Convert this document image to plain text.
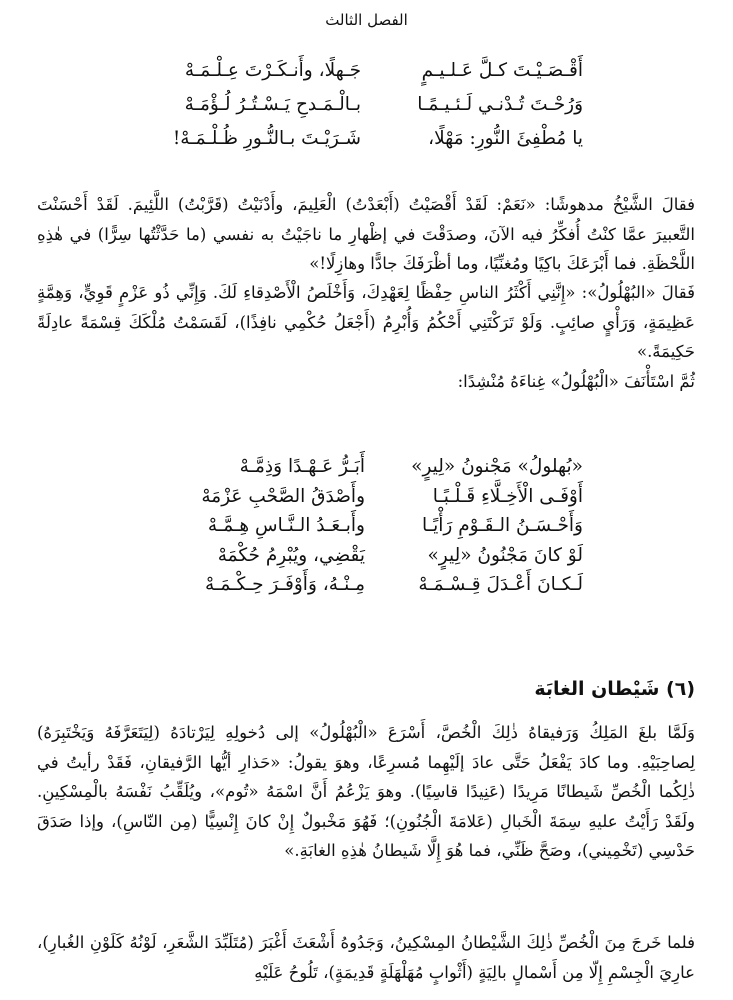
الفصل الثالث
أَقْـصَـيْـتَ كـلَّ عَـلـيـمٍ
جَـهلًا، وأَنـكَـرْتَ عِـلْـمَـهْ
وَرُحْـتَ تُـدْنـي لَـئـيـمًـا
بـالْـمَـدحِ يَـسْـتُـرُ لُـؤْمَـهْ
يا مُطْفِئَ النُّورِ: مَهْلًا،
شَـرَيْـتَ بـالنُّـورِ ظُـلْـمَـهْ!

فقالَ الشَّيْخُ مدهوشًا: «نَعَمْ: لَقَدْ أَقْصَيْتُ (أَبْعَدْتُ) الْعَلِيمَ، وأَدْنَيْتُ (قَرَّبْتُ) اللَّئِيمَ. لَقَدْ أَحْسَنْتَ التَّعبيرَ عمَّا كنْتُ أُفكِّرُ فيه الآنَ، وصدَقْتَ في إظْهارِ ما ناجَيْتُ به نفسي (ما حَدَّثْتُها سِرًّا) في هٰذِهِ اللَّحْظَةِ. فما أَبْرَعَكَ باكِيًا ومُغنِّيًا، وما أظْرَفَكَ جادًّا وهازِلًا!»

فَقالَ «البُهْلُولُ»: «إِنَّنِي أَكْثَرُ الناسِ حِفْظًا لِعَهْدِكَ، وَأَخْلَصُ الْأَصْدِقاءِ لَكَ. وَإِنِّي ذُو عَزْمٍ قَوِيٍّ، وَهِمَّةٍ عَظِيمَةٍ، وَرَأْيٍ صائِبٍ. وَلَوْ تَرَكْتَنِي أَحْكُمُ وَأُبْرِمُ (أَجْعَلُ حُكْمِي نافِذًا)، لَقَسَمْتُ مُلْكَكَ قِسْمَةً عادِلَةً حَكِيمَةً.»

ثُمَّ اسْتَأْنَفَ «الْبُهْلُولُ» غِناءَهُ مُنْشِدًا:

«بُهلولُ» مَجْنونُ «لِيرٍ»
أَبَـرُّ عَـهْـدًا وَذِمَّـهْ
أَوْفَـى الْأَخِـلَّاءِ قَـلْـبًـا
وأَصْدَقُ الصَّحْبِ عَزْمَهْ
وَأَحْـسَـنُ الـقَـوْمِ رَأْيًـا
وأَبـعَـدُ الـنَّـاسِ هِـمَّـهْ
لَوْ كانَ مَجْنُونُ «لِيرٍ»
يَقْضِي، ويُبْرِمُ حُكْمَهْ
لَـكـانَ أَعْـدَلَ قِـسْـمَـهْ
مِـنْـهُ، وَأَوْفَـرَ حِـكْـمَـهْ
(٦) شَيْطان الغابَة

وَلَمَّا بلغَ المَلِكُ وَرَفيقاهُ ذٰلِكَ الْخُصَّ، أَسْرَعَ «الْبُهْلُولُ» إلى دُخولِهِ لِيَرْتادَهُ (لِيَتَعَرَّفَهُ وَيَخْتَبِرَهُ) لِصاحِبَيْهِ. وما كادَ يَفْعَلُ حَتَّى عادَ إلَيْهِما مُسرِعًا، وهوَ يقولُ: «حَذارِ أيُّها الرَّفيقانِ، فَقَدْ رأيتُ في ذٰلِكُما الْخُصِّ شَيطانًا مَرِيدًا (عَنِيدًا قاسِيًا). وهوَ يَزْعُمُ أَنَّ اسْمَهُ «تُوم»، ويُلَقِّبُ نَفْسَهُ بالْمِسْكِينِ. ولَقَدْ رَأَيْتُ عليهِ سِمَةَ الْخَبالِ (عَلامَةَ الْجُنُونِ)؛ فَهُوَ مَخْبولٌ إِنْ كانَ إِنْسِيًّا (مِن النّاسِ)، وإذا صَدَقَ حَدْسِي (تَخْمِيني)، وصَحَّ ظَنِّي، فما هُوَ إِلَّا شَيطانُ هٰذِهِ الغابَةِ.»

فلما خَرجَ مِنَ الْخُصِّ ذٰلِكَ الشَّيْطانُ المِسْكِينُ، وَجَدُوهُ أَشْعَثَ أَغْبَرَ (مُتَلَبِّدَ الشَّعَرِ، لَوْنُهُ كَلَوْنِ الغُبارِ)، عارِيَ الْجِسْمِ إِلّا مِن أَسْمالٍ بالِيَةٍ (أَثْوابٍ مُهَلْهَلَةٍ قَدِيمَةٍ)، تَلُوحُ عَلَيْهِ
